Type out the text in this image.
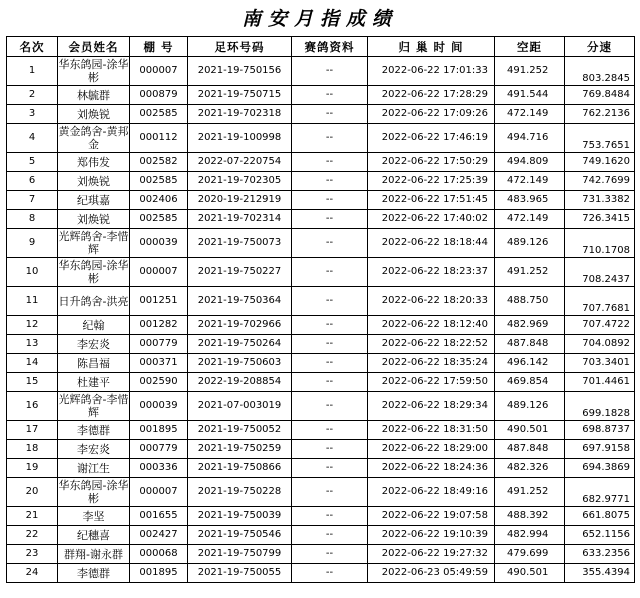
南安月指成绩
名次	会员姓名	棚 号	足环号码	赛鸽资料	归 巢 时 间	空距	分速
1	华东鸽园-涂华彬	000007	2021-19-750156	--	2022-06-22 17:01:33	491.252	803.2845
2	林毓群	000879	2021-19-750715	--	2022-06-22 17:28:29	491.544	769.8484
3	刘焕锐	002585	2021-19-702318	--	2022-06-22 17:09:26	472.149	762.2136
4	黄金鸽舍-黄邦金	000112	2021-19-100998	--	2022-06-22 17:46:19	494.716	753.7651
5	郑伟发	002582	2022-07-220754	--	2022-06-22 17:50:29	494.809	749.1620
6	刘焕锐	002585	2021-19-702305	--	2022-06-22 17:25:39	472.149	742.7699
7	纪琪嘉	002406	2020-19-212919	--	2022-06-22 17:51:45	483.965	731.3382
8	刘焕锐	002585	2021-19-702314	--	2022-06-22 17:40:02	472.149	726.3415
9	光辉鸽舍-李惜辉	000039	2021-19-750073	--	2022-06-22 18:18:44	489.126	710.1708
10	华东鸽园-涂华彬	000007	2021-19-750227	--	2022-06-22 18:23:37	491.252	708.2437
11	日升鸽舍-洪亮	001251	2021-19-750364	--	2022-06-22 18:20:33	488.750	707.7681
12	纪翰	001282	2021-19-702966	--	2022-06-22 18:12:40	482.969	707.4722
13	李宏炎	000779	2021-19-750264	--	2022-06-22 18:22:52	487.848	704.0892
14	陈昌福	000371	2021-19-750603	--	2022-06-22 18:35:24	496.142	703.3401
15	杜建平	002590	2022-19-208854	--	2022-06-22 17:59:50	469.854	701.4461
16	光辉鸽舍-李惜辉	000039	2021-07-003019	--	2022-06-22 18:29:34	489.126	699.1828
17	李德群	001895	2021-19-750052	--	2022-06-22 18:31:50	490.501	698.8737
18	李宏炎	000779	2021-19-750259	--	2022-06-22 18:29:00	487.848	697.9158
19	谢江生	000336	2021-19-750866	--	2022-06-22 18:24:36	482.326	694.3869
20	华东鸽园-涂华彬	000007	2021-19-750228	--	2022-06-22 18:49:16	491.252	682.9771
21	李坚	001655	2021-19-750039	--	2022-06-22 19:07:58	488.392	661.8075
22	纪穗喜	002427	2021-19-750546	--	2022-06-22 19:10:39	482.994	652.1156
23	群翔-谢永群	000068	2021-19-750799	--	2022-06-22 19:27:32	479.699	633.2356
24	李德群	001895	2021-19-750055	--	2022-06-23 05:49:59	490.501	355.4394
